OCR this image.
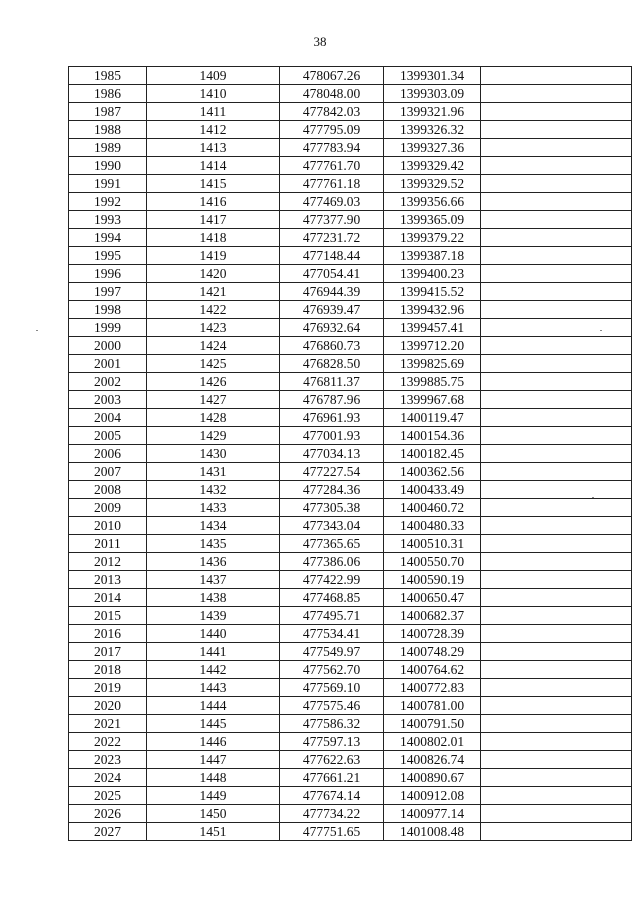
38
1985	1409	478067.26	1399301.34	
1986	1410	478048.00	1399303.09	
1987	1411	477842.03	1399321.96	
1988	1412	477795.09	1399326.32	
1989	1413	477783.94	1399327.36	
1990	1414	477761.70	1399329.42	
1991	1415	477761.18	1399329.52	
1992	1416	477469.03	1399356.66	
1993	1417	477377.90	1399365.09	
1994	1418	477231.72	1399379.22	
1995	1419	477148.44	1399387.18	
1996	1420	477054.41	1399400.23	
1997	1421	476944.39	1399415.52	
1998	1422	476939.47	1399432.96	
1999	1423	476932.64	1399457.41	
2000	1424	476860.73	1399712.20	
2001	1425	476828.50	1399825.69	
2002	1426	476811.37	1399885.75	
2003	1427	476787.96	1399967.68	
2004	1428	476961.93	1400119.47	
2005	1429	477001.93	1400154.36	
2006	1430	477034.13	1400182.45	
2007	1431	477227.54	1400362.56	
2008	1432	477284.36	1400433.49	
2009	1433	477305.38	1400460.72	
2010	1434	477343.04	1400480.33	
2011	1435	477365.65	1400510.31	
2012	1436	477386.06	1400550.70	
2013	1437	477422.99	1400590.19	
2014	1438	477468.85	1400650.47	
2015	1439	477495.71	1400682.37	
2016	1440	477534.41	1400728.39	
2017	1441	477549.97	1400748.29	
2018	1442	477562.70	1400764.62	
2019	1443	477569.10	1400772.83	
2020	1444	477575.46	1400781.00	
2021	1445	477586.32	1400791.50	
2022	1446	477597.13	1400802.01	
2023	1447	477622.63	1400826.74	
2024	1448	477661.21	1400890.67	
2025	1449	477674.14	1400912.08	
2026	1450	477734.22	1400977.14	
2027	1451	477751.65	1401008.48	
